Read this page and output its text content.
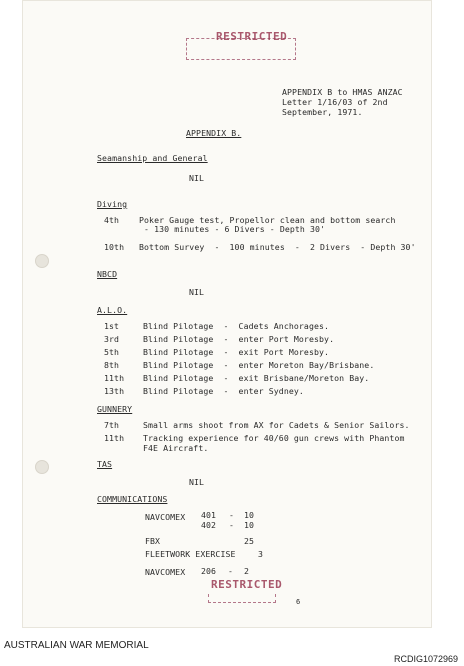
RESTRICTED
APPENDIX B to HMAS ANZAC
Letter 1/16/03 of 2nd
September, 1971.
APPENDIX B.
Seamanship and General
NIL
Diving
4th Poker Gauge test, Propellor clean and bottom search
- 130 minutes - 6 Divers - Depth 30'
10th Bottom Survey  -  100 minutes  -  2 Divers  - Depth 30'
NBCD
NIL
A.L.O.
1st	Blind Pilotage  -  Cadets Anchorages.
3rd	Blind Pilotage  -  enter Port Moresby.
5th	Blind Pilotage  -  exit Port Moresby.
8th	Blind Pilotage  -  enter Moreton Bay/Brisbane.
11th Blind Pilotage  -  exit Brisbane/Moreton Bay.
13th Blind Pilotage  -  enter Sydney.
GUNNERY
7th	Small arms shoot from AX for Cadets & Senior Sailors.
11th Tracking experience for 40/60 gun crews with Phantom
F4E Aircraft.
TAS
NIL
COMMUNICATIONS
NAVCOMEX 401 - 10
402 - 10
FBX	25
FLEETWORK EXERCISE	3
NAVCOMEX 206 - 2
RESTRICTED
6
AUSTRALIAN WAR MEMORIAL
RCDIG1072969
